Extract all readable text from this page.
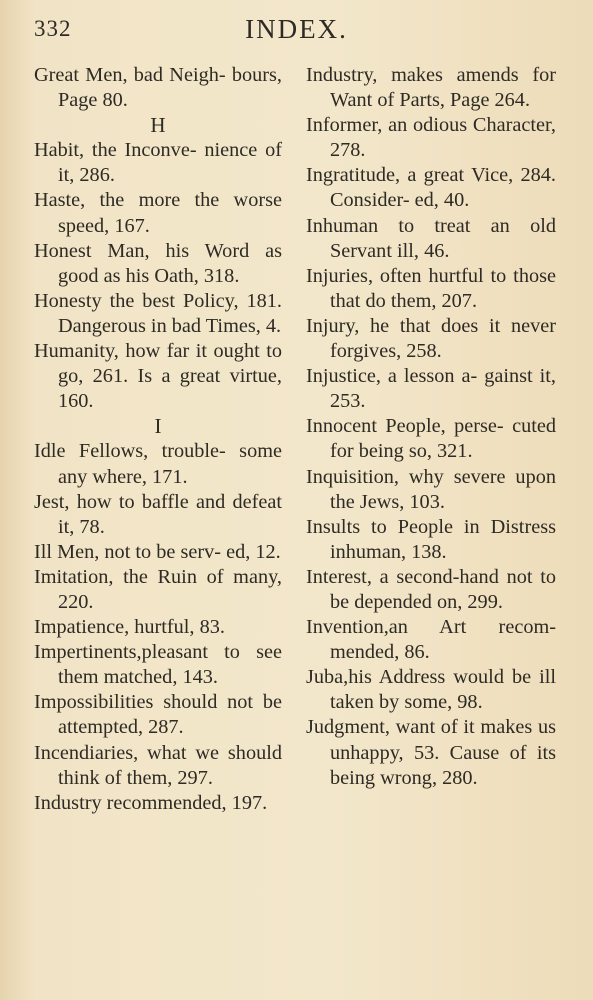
332	INDEX.

Great Men, bad Neigh- bours, Page 80.

H

Habit, the Inconve- nience of it, 286.

Haste, the more the worse speed, 167.

Honest Man, his Word as good as his Oath, 318.

Honesty the best Policy, 181. Dangerous in bad Times, 4.

Humanity, how far it ought to go, 261. Is a great virtue, 160.

I

Idle Fellows, trouble- some any where, 171.

Jest, how to baffle and defeat it, 78.

Ill Men, not to be serv- ed, 12.

Imitation, the Ruin of many, 220.

Impatience, hurtful, 83.

Impertinents,pleasant to see them matched, 143.

Impossibilities should not be attempted, 287.

Incendiaries, what we should think of them, 297.

Industry recommended, 197.

Industry, makes amends for Want of Parts, Page 264.

Informer, an odious Character, 278.

Ingratitude, a great Vice, 284. Consider- ed, 40.

Inhuman to treat an old Servant ill, 46.

Injuries, often hurtful to those that do them, 207.

Injury, he that does it never forgives, 258.

Injustice, a lesson a- gainst it, 253.

Innocent People, perse- cuted for being so, 321.

Inquisition, why severe upon the Jews, 103.

Insults to People in Distress inhuman, 138.

Interest, a second-hand not to be depended on, 299.

Invention,an Art recom- mended, 86.

Juba,his Address would be ill taken by some, 98.

Judgment, want of it makes us unhappy, 53. Cause of its being wrong, 280.
